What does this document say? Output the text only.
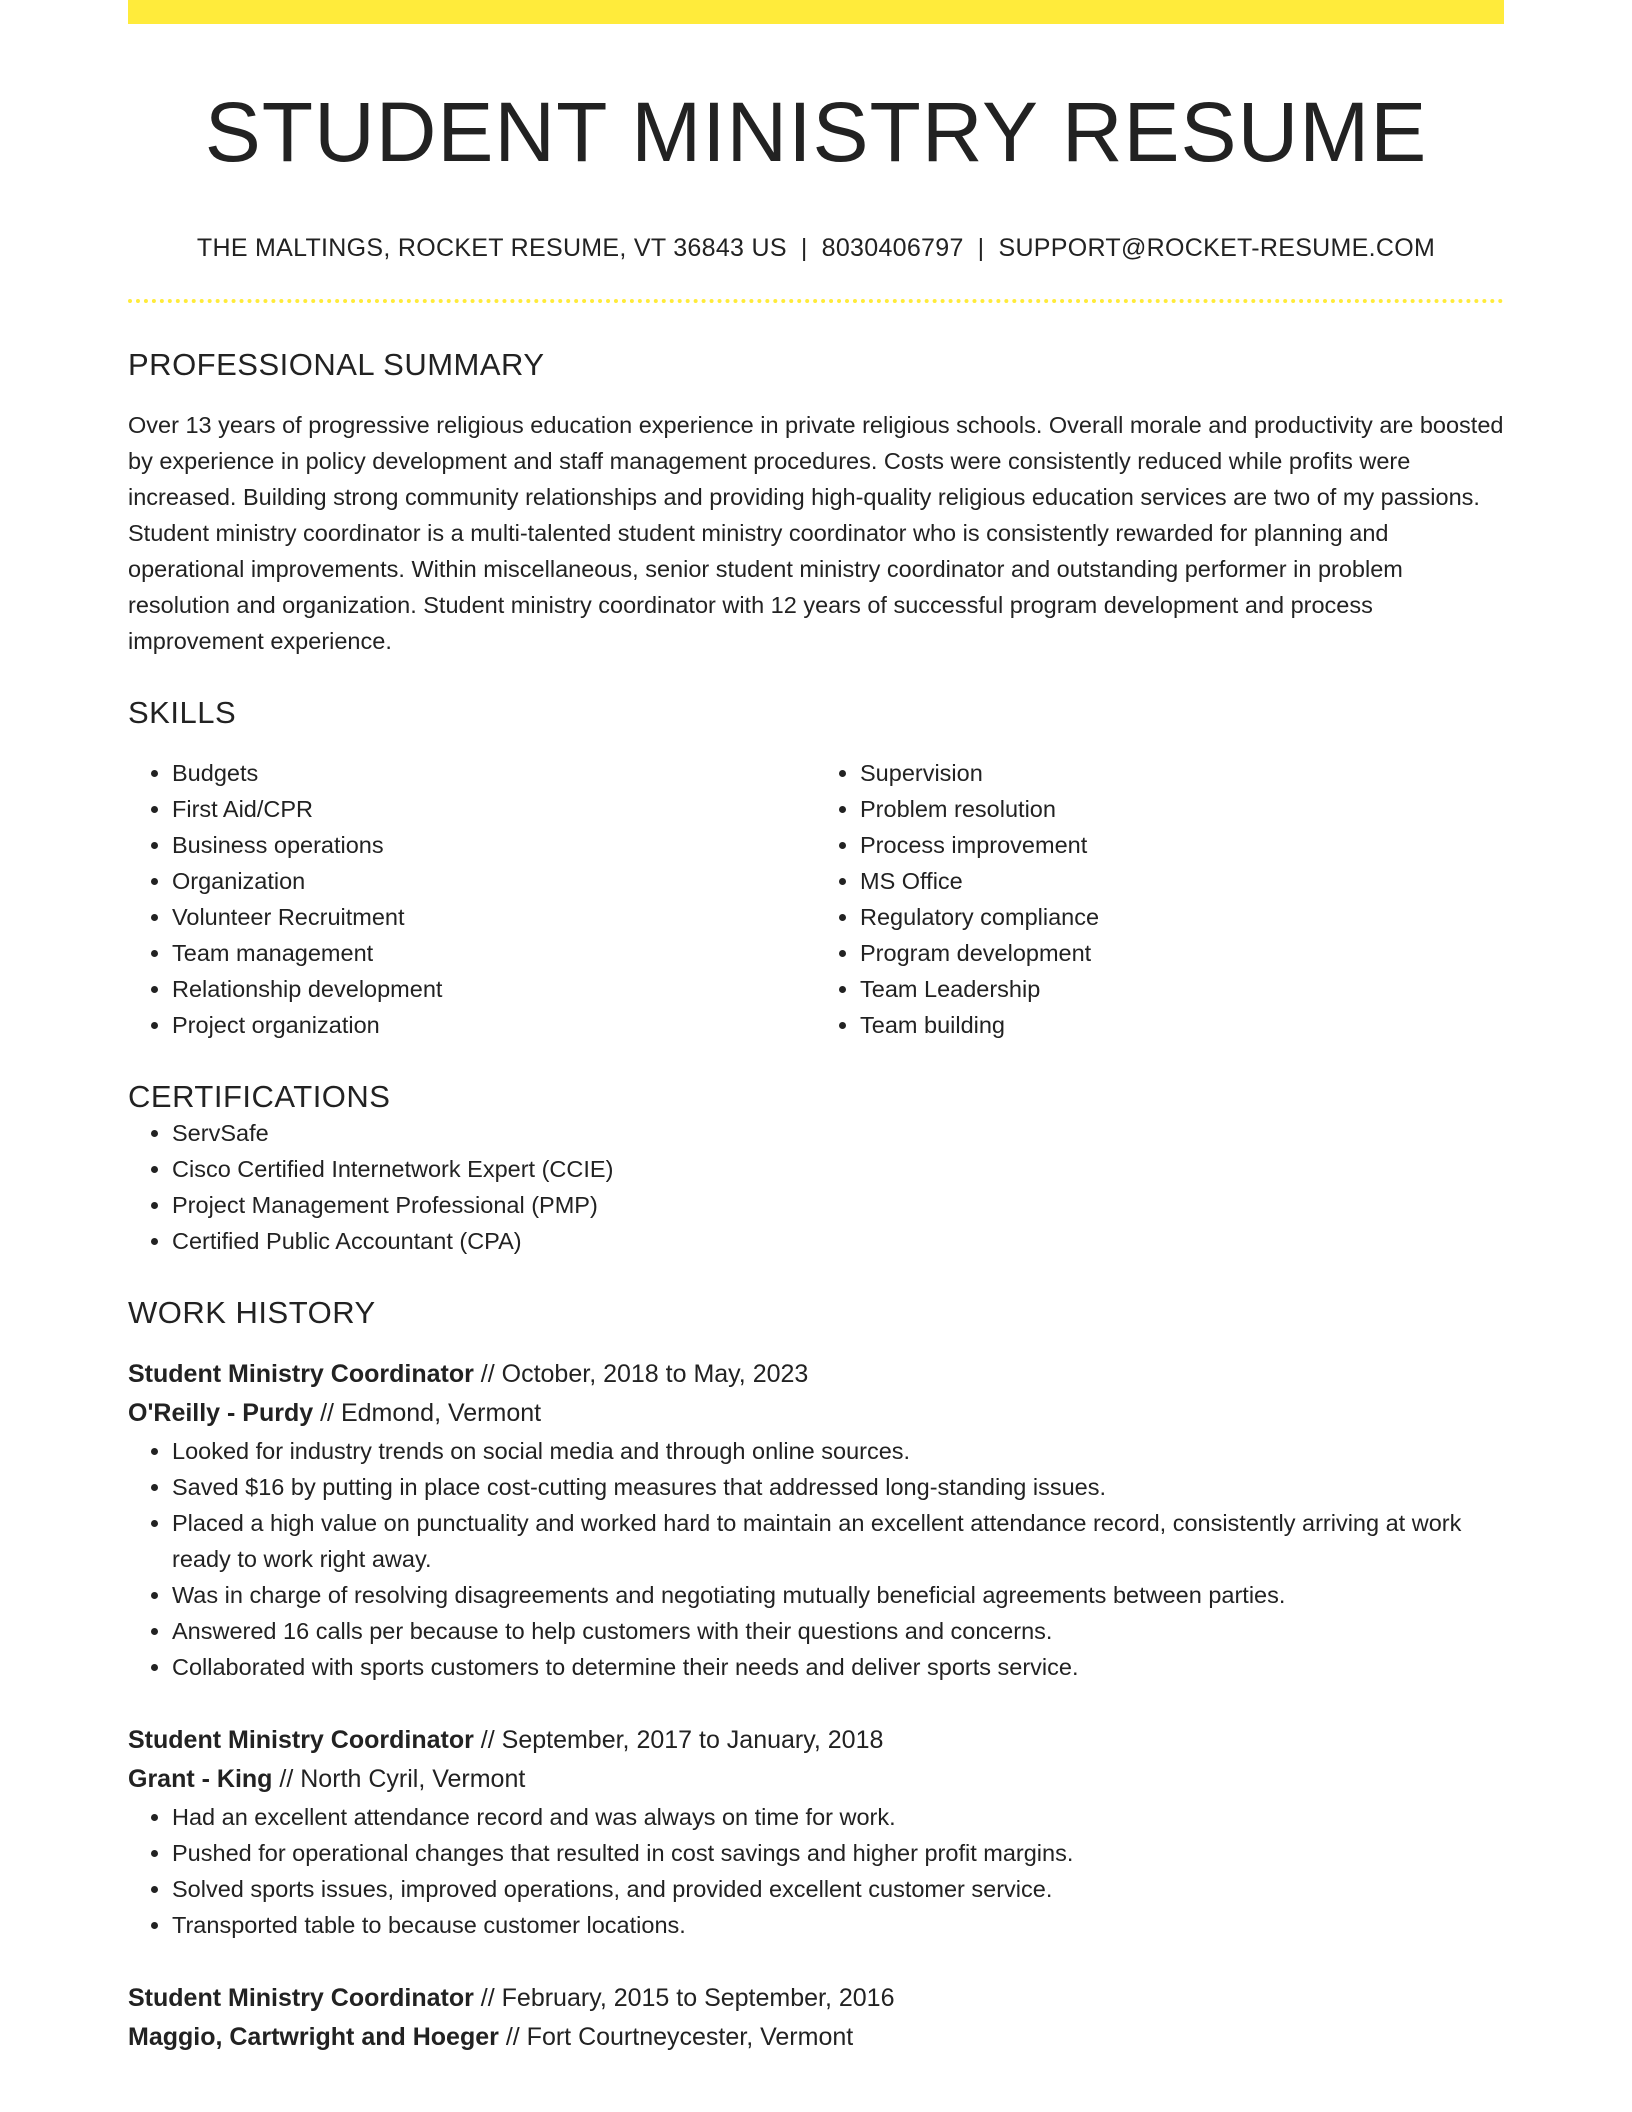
STUDENT MINISTRY RESUME
THE MALTINGS, ROCKET RESUME, VT 36843 US | 8030406797 | SUPPORT@ROCKET-RESUME.COM
PROFESSIONAL SUMMARY
Over 13 years of progressive religious education experience in private religious schools. Overall morale and productivity are boosted by experience in policy development and staff management procedures. Costs were consistently reduced while profits were increased. Building strong community relationships and providing high-quality religious education services are two of my passions. Student ministry coordinator is a multi-talented student ministry coordinator who is consistently rewarded for planning and operational improvements. Within miscellaneous, senior student ministry coordinator and outstanding performer in problem resolution and organization. Student ministry coordinator with 12 years of successful program development and process improvement experience.
SKILLS
• Budgets
• First Aid/CPR
• Business operations
• Organization
• Volunteer Recruitment
• Team management
• Relationship development
• Project organization
• Supervision
• Problem resolution
• Process improvement
• MS Office
• Regulatory compliance
• Program development
• Team Leadership
• Team building
CERTIFICATIONS
• ServSafe
• Cisco Certified Internetwork Expert (CCIE)
• Project Management Professional (PMP)
• Certified Public Accountant (CPA)
WORK HISTORY
Student Ministry Coordinator // October, 2018 to May, 2023
O'Reilly - Purdy // Edmond, Vermont
• Looked for industry trends on social media and through online sources.
• Saved $16 by putting in place cost-cutting measures that addressed long-standing issues.
• Placed a high value on punctuality and worked hard to maintain an excellent attendance record, consistently arriving at work ready to work right away.
• Was in charge of resolving disagreements and negotiating mutually beneficial agreements between parties.
• Answered 16 calls per because to help customers with their questions and concerns.
• Collaborated with sports customers to determine their needs and deliver sports service.
Student Ministry Coordinator // September, 2017 to January, 2018
Grant - King // North Cyril, Vermont
• Had an excellent attendance record and was always on time for work.
• Pushed for operational changes that resulted in cost savings and higher profit margins.
• Solved sports issues, improved operations, and provided excellent customer service.
• Transported table to because customer locations.
Student Ministry Coordinator // February, 2015 to September, 2016
Maggio, Cartwright and Hoeger // Fort Courtneycester, Vermont
